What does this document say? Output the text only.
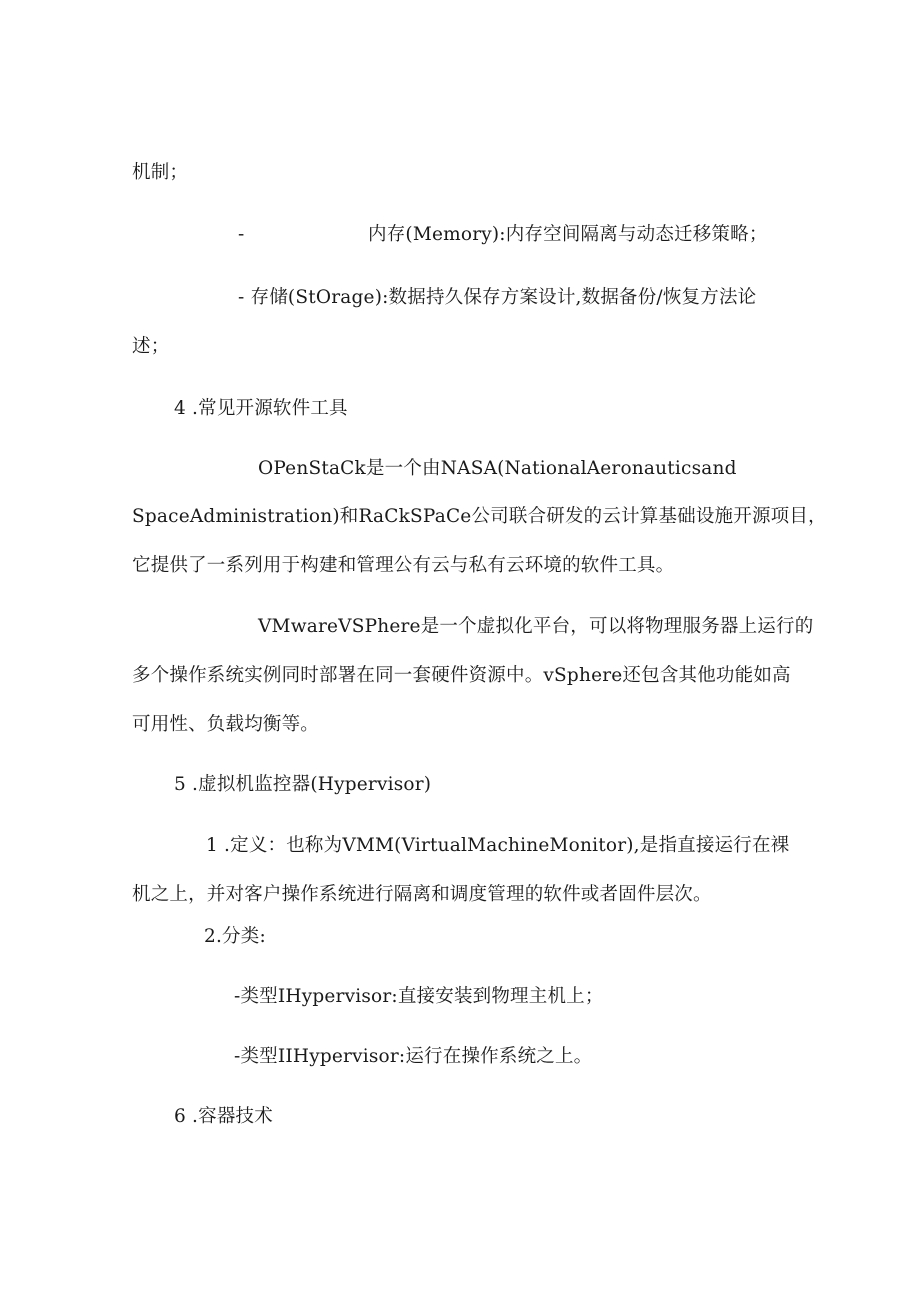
机制；
-	内存(Memory):内存空间隔离与动态迁移策略；
- 存储(StOrage):数据持久保存方案设计,数据备份/恢复方法论
述；
4 .常见开源软件工具
OPenStaCk是一个由NASA(NationalAeronauticsand
SpaceAdministration)和RaCkSPaCe公司联合研发的云计算基础设施开源项目，
它提供了一系列用于构建和管理公有云与私有云环境的软件工具。
VMwareVSPhere是一个虚拟化平台，可以将物理服务器上运行的
多个操作系统实例同时部署在同一套硬件资源中。vSphere还包含其他功能如高
可用性、负载均衡等。
5 .虚拟机监控器(Hypervisor)
1 .定义：也称为VMM(VirtualMachineMonitor),是指直接运行在裸
机之上，并对客户操作系统进行隔离和调度管理的软件或者固件层次。
2.分类:
-类型IHypervisor:直接安装到物理主机上；
-类型IIHypervisor:运行在操作系统之上。
6 .容器技术
